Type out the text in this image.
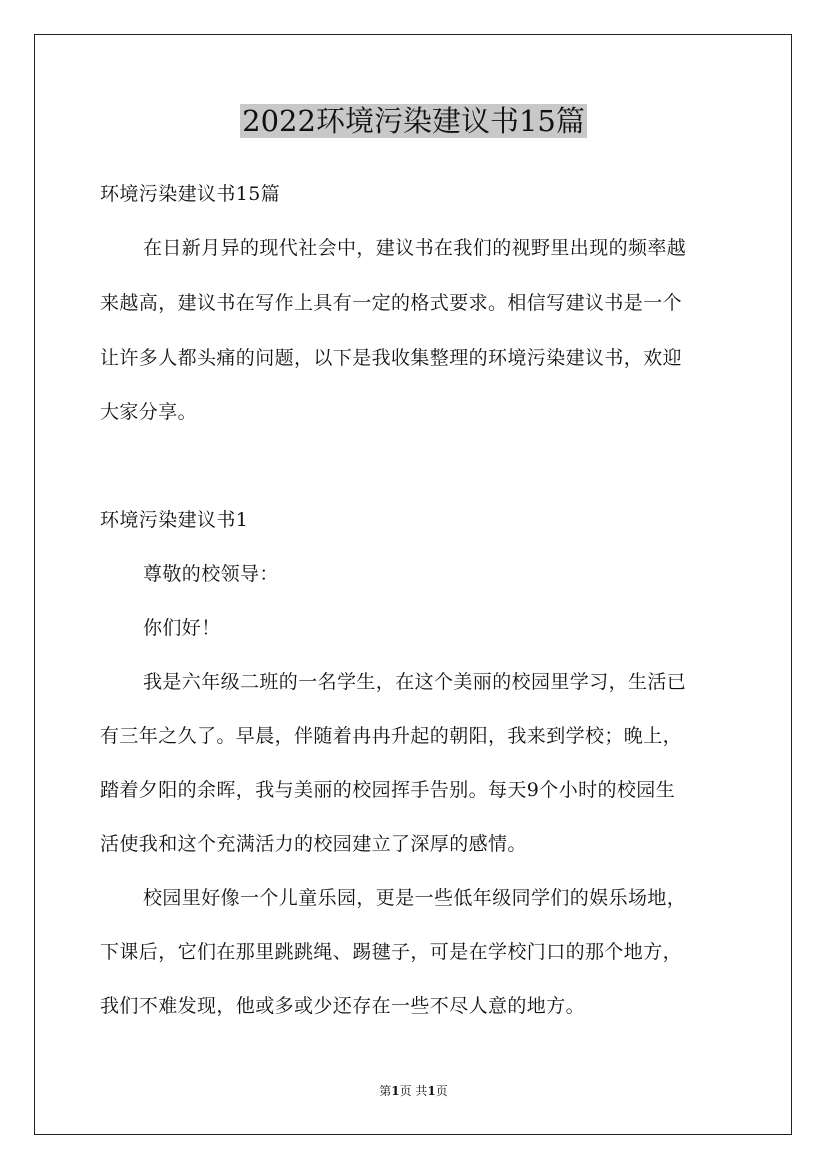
2022环境污染建议书15篇
环境污染建议书15篇
在日新月异的现代社会中，建议书在我们的视野里出现的频率越
来越高，建议书在写作上具有一定的格式要求。相信写建议书是一个
让许多人都头痛的问题，以下是我收集整理的环境污染建议书，欢迎
大家分享。
环境污染建议书1
尊敬的校领导：
你们好！
我是六年级二班的一名学生，在这个美丽的校园里学习，生活已
有三年之久了。早晨，伴随着冉冉升起的朝阳，我来到学校；晚上，
踏着夕阳的余晖，我与美丽的校园挥手告别。每天9个小时的校园生
活使我和这个充满活力的校园建立了深厚的感情。
校园里好像一个儿童乐园，更是一些低年级同学们的娱乐场地，
下课后，它们在那里跳跳绳、踢毽子，可是在学校门口的那个地方，
我们不难发现，他或多或少还存在一些不尽人意的地方。
第1页 共1页
